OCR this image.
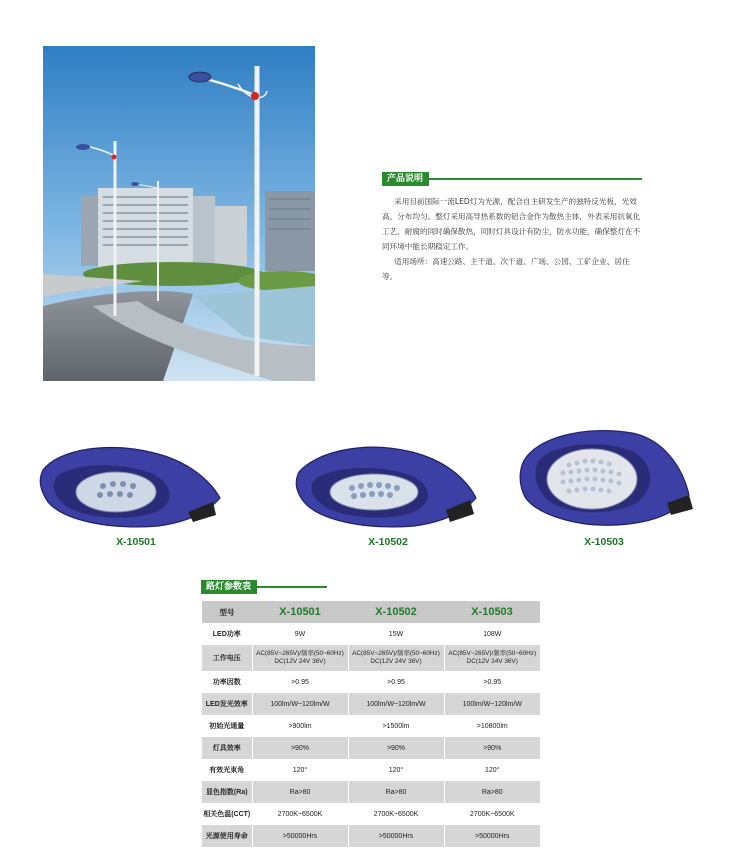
产品说明

采用目前国际一流LED灯为光源，配合自主研发生产的独特反光板，光效高，分布均匀。整灯采用高导热系数的铝合金作为散热主体，外表采用抗氧化工艺，耐腐的同时确保散热，同时灯具设计有防尘，防水功能，确保整灯在不同环境中能长期稳定工作。

适用场所：高速公路、主干道、次干道、广场、公园、工矿企业、居住等。

X-10501	X-10502	X-10503
路灯参数表
型号	X-10501	X-10502	X-10503
LED功率	9W	15W	108W
工作电压	AC(85V~265V)/频率(50~60Hz) DC(12V 24V 36V)	AC(85V~265V)/频率(50~60Hz) DC(12V 24V 36V)	AC(85V~265V)/频率(50~60Hz) DC(12V 24V 36V)
功率因数	>0.95	>0.95	>0.95
LED发光效率	100lm/W~120lm/W	100lm/W~120lm/W	100lm/W~120lm/W
初始光通量	>900lm	>1500lm	>10800lm
灯具效率	>90%	>90%	>90%
有效光束角	120°	120°	120°
显色指数(Ra)	Ra>80	Ra>80	Ra>80
相关色温(CCT)	2700K~6500K	2700K~6500K	2700K~6500K
光源使用寿命	>50000Hrs	>50000Hrs	>50000Hrs
